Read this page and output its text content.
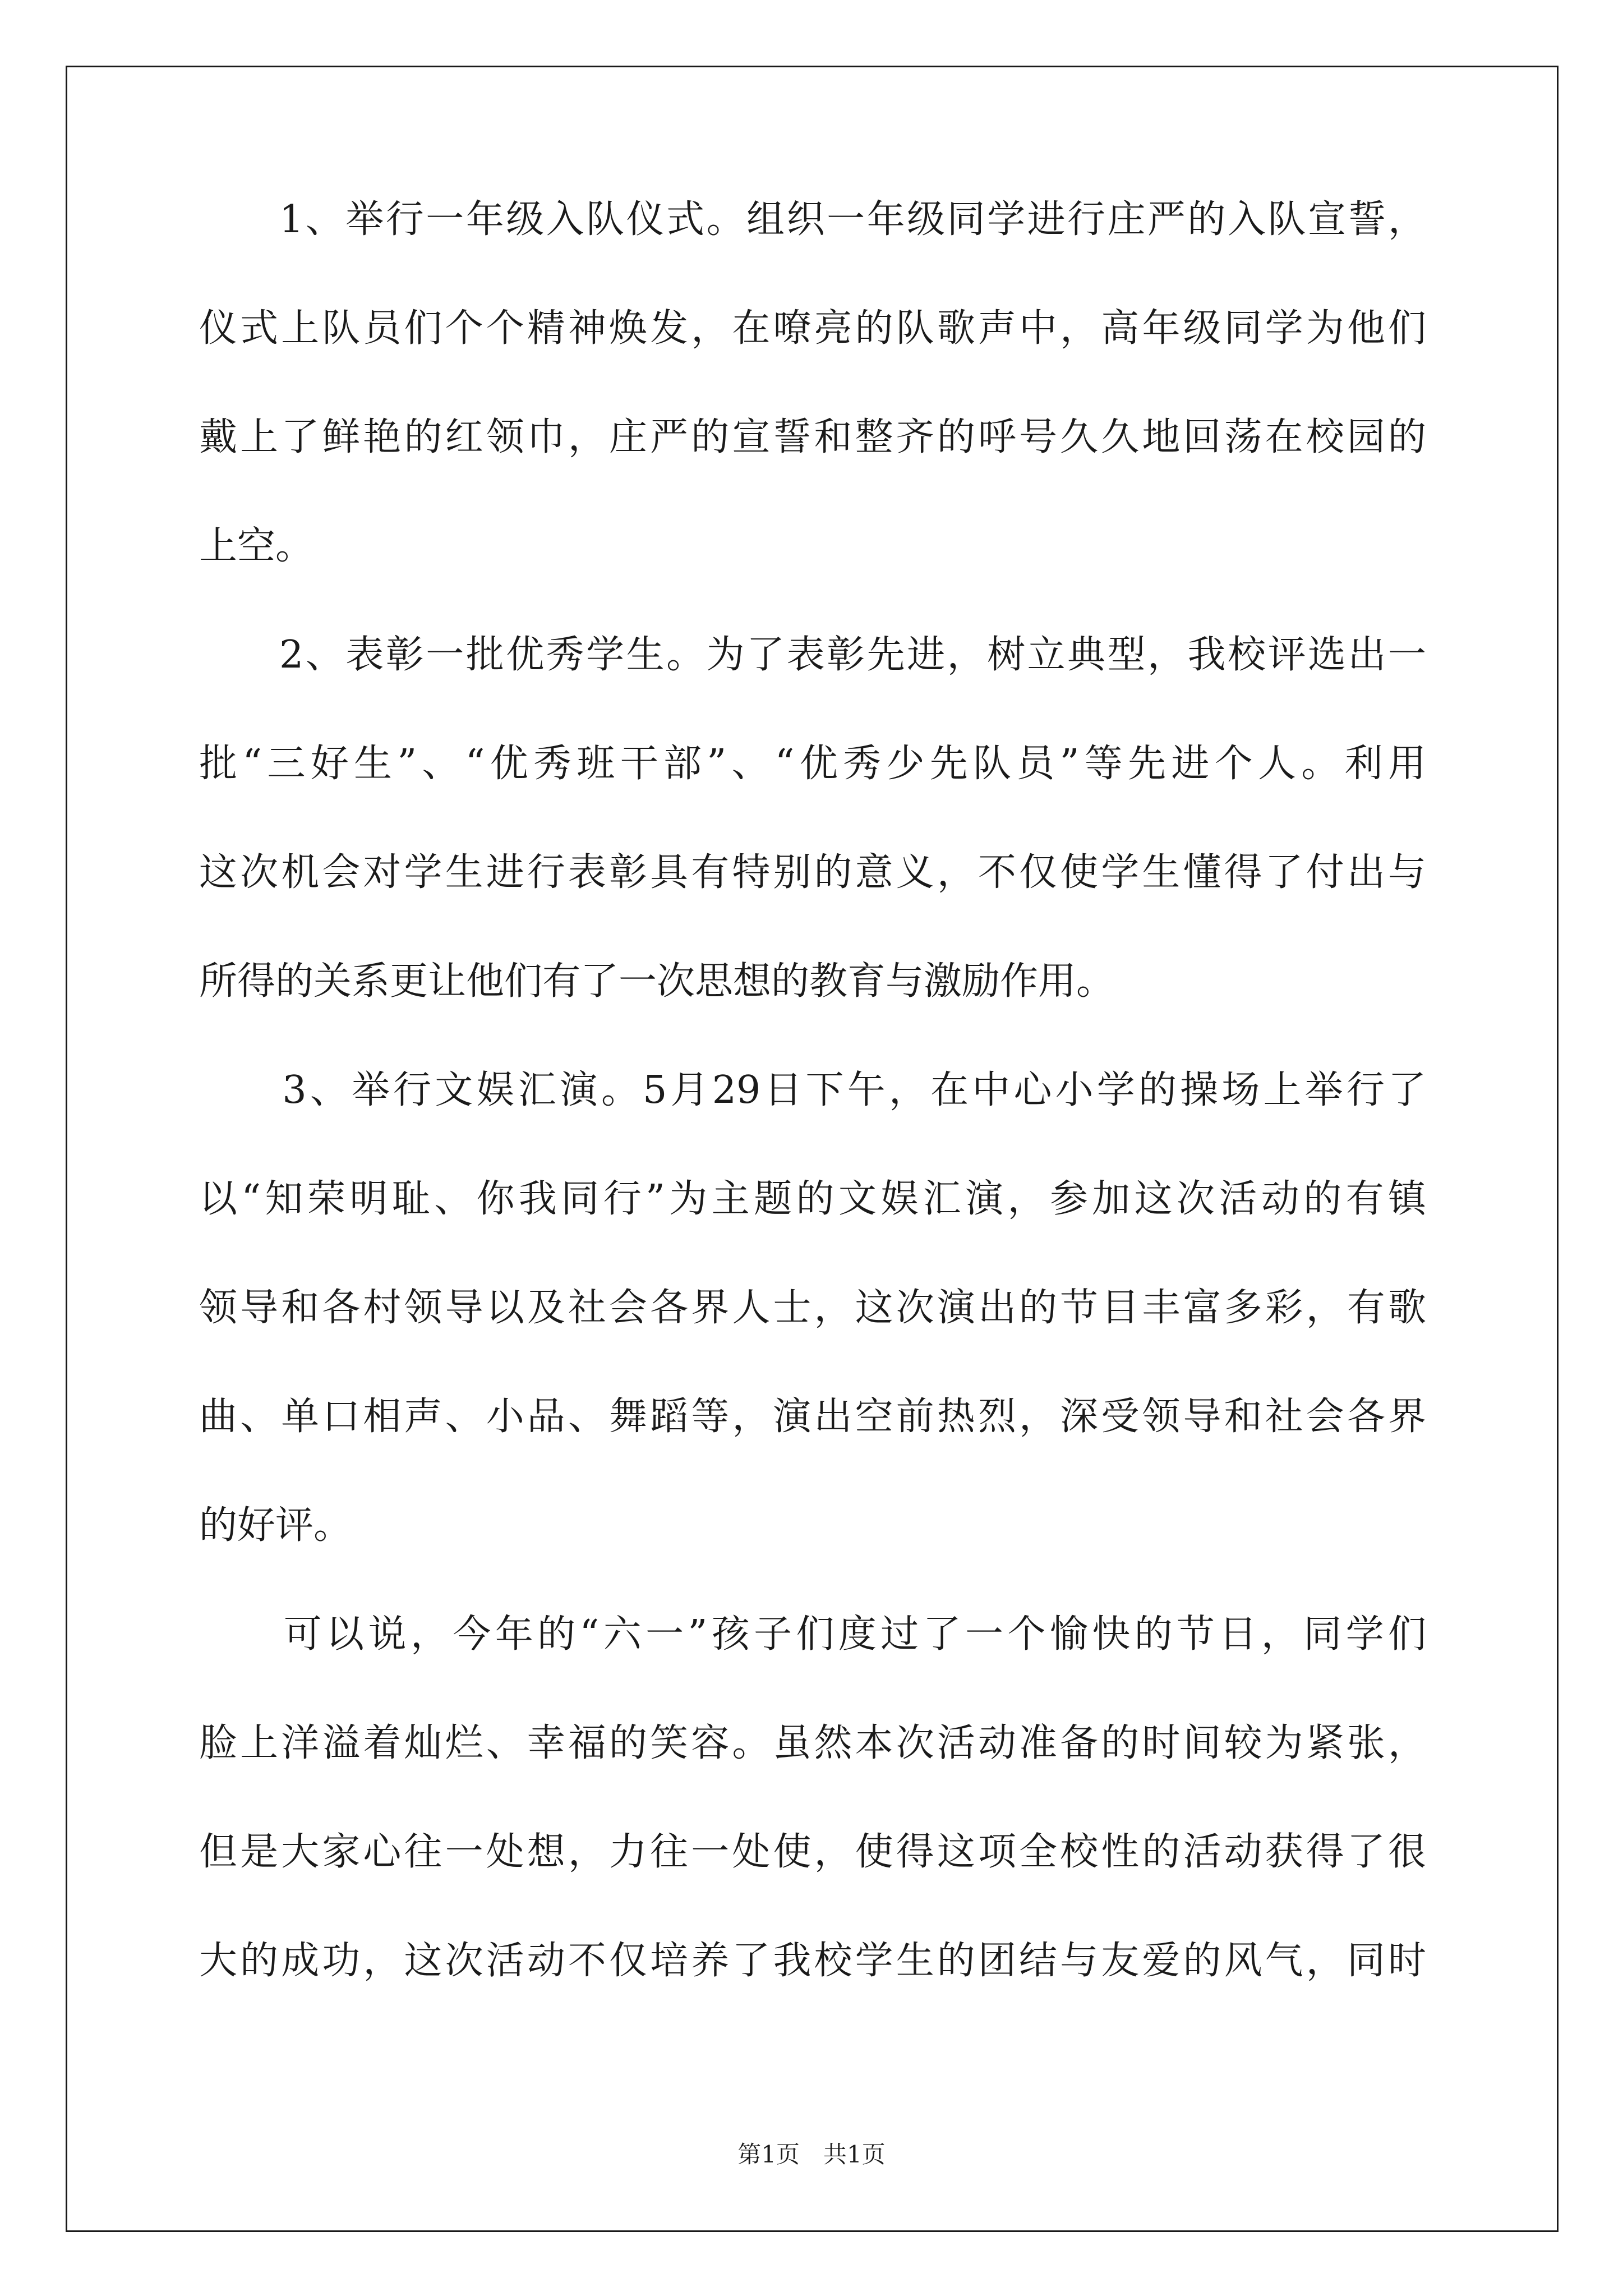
　　1、举行一年级入队仪式。组织一年级同学进行庄严的入队宣誓，
仪式上队员们个个精神焕发，在嘹亮的队歌声中，高年级同学为他们
戴上了鲜艳的红领巾，庄严的宣誓和整齐的呼号久久地回荡在校园的
上空。
　　2、表彰一批优秀学生。为了表彰先进，树立典型，我校评选出一
批“三好生”、“优秀班干部”、“优秀少先队员”等先进个人。利用
这次机会对学生进行表彰具有特别的意义，不仅使学生懂得了付出与
所得的关系更让他们有了一次思想的教育与激励作用。
　　3、举行文娱汇演。5月29日下午，在中心小学的操场上举行了
以“知荣明耻、你我同行”为主题的文娱汇演，参加这次活动的有镇
领导和各村领导以及社会各界人士，这次演出的节目丰富多彩，有歌
曲、单口相声、小品、舞蹈等，演出空前热烈，深受领导和社会各界
的好评。
　　可以说，今年的“六一”孩子们度过了一个愉快的节日，同学们
脸上洋溢着灿烂、幸福的笑容。虽然本次活动准备的时间较为紧张，
但是大家心往一处想，力往一处使，使得这项全校性的活动获得了很
大的成功，这次活动不仅培养了我校学生的团结与友爱的风气，同时
第1页　共1页
